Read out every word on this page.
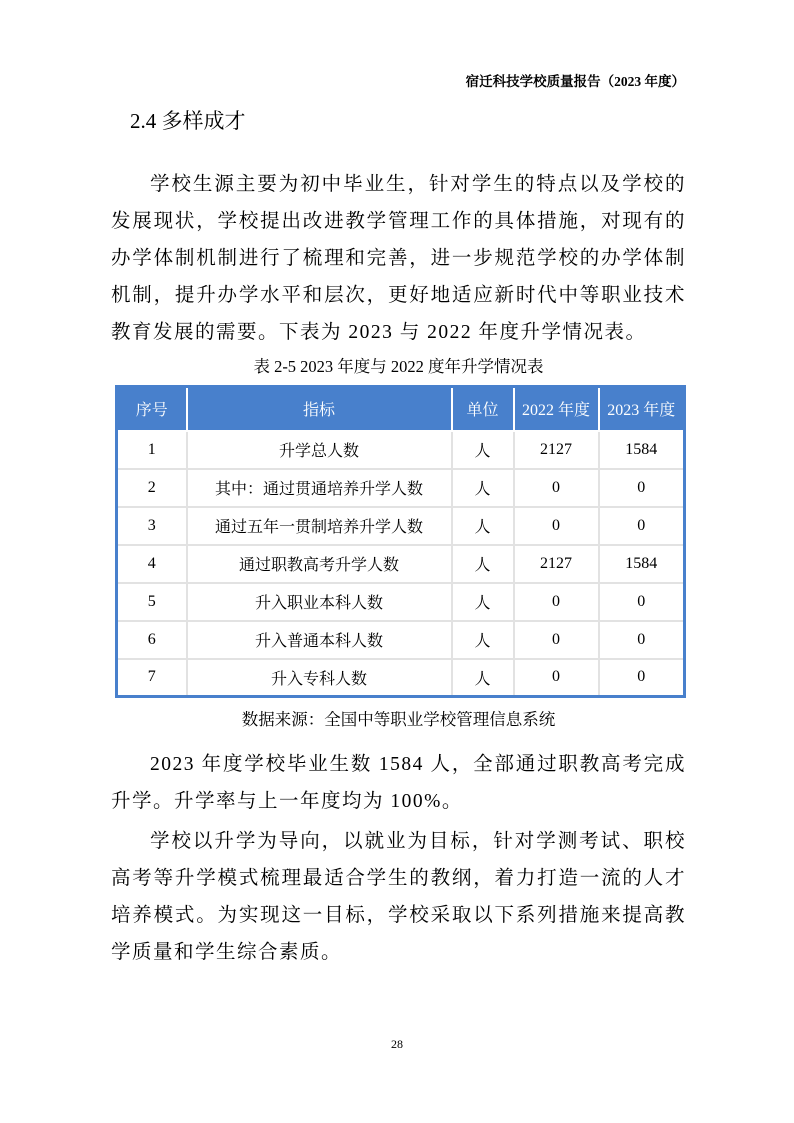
宿迁科技学校质量报告（2023 年度）
2.4 多样成才

学校生源主要为初中毕业生，针对学生的特点以及学校的发展现状，学校提出改进教学管理工作的具体措施，对现有的办学体制机制进行了梳理和完善，进一步规范学校的办学体制机制，提升办学水平和层次，更好地适应新时代中等职业技术教育发展的需要。下表为 2023 与 2022 年度升学情况表。

表 2-5 2023 年度与 2022 度年升学情况表
序号	指标	单位	2022 年度	2023 年度
1	升学总人数	人	2127	1584
2	其中：通过贯通培养升学人数	人	0	0
3	通过五年一贯制培养升学人数	人	0	0
4	通过职教高考升学人数	人	2127	1584
5	升入职业本科人数	人	0	0
6	升入普通本科人数	人	0	0
7	升入专科人数	人	0	0
数据来源：全国中等职业学校管理信息系统

2023 年度学校毕业生数 1584 人，全部通过职教高考完成升学。升学率与上一年度均为 100%。

学校以升学为导向，以就业为目标，针对学测考试、职校高考等升学模式梳理最适合学生的教纲，着力打造一流的人才培养模式。为实现这一目标，学校采取以下系列措施来提高教学质量和学生综合素质。

28
